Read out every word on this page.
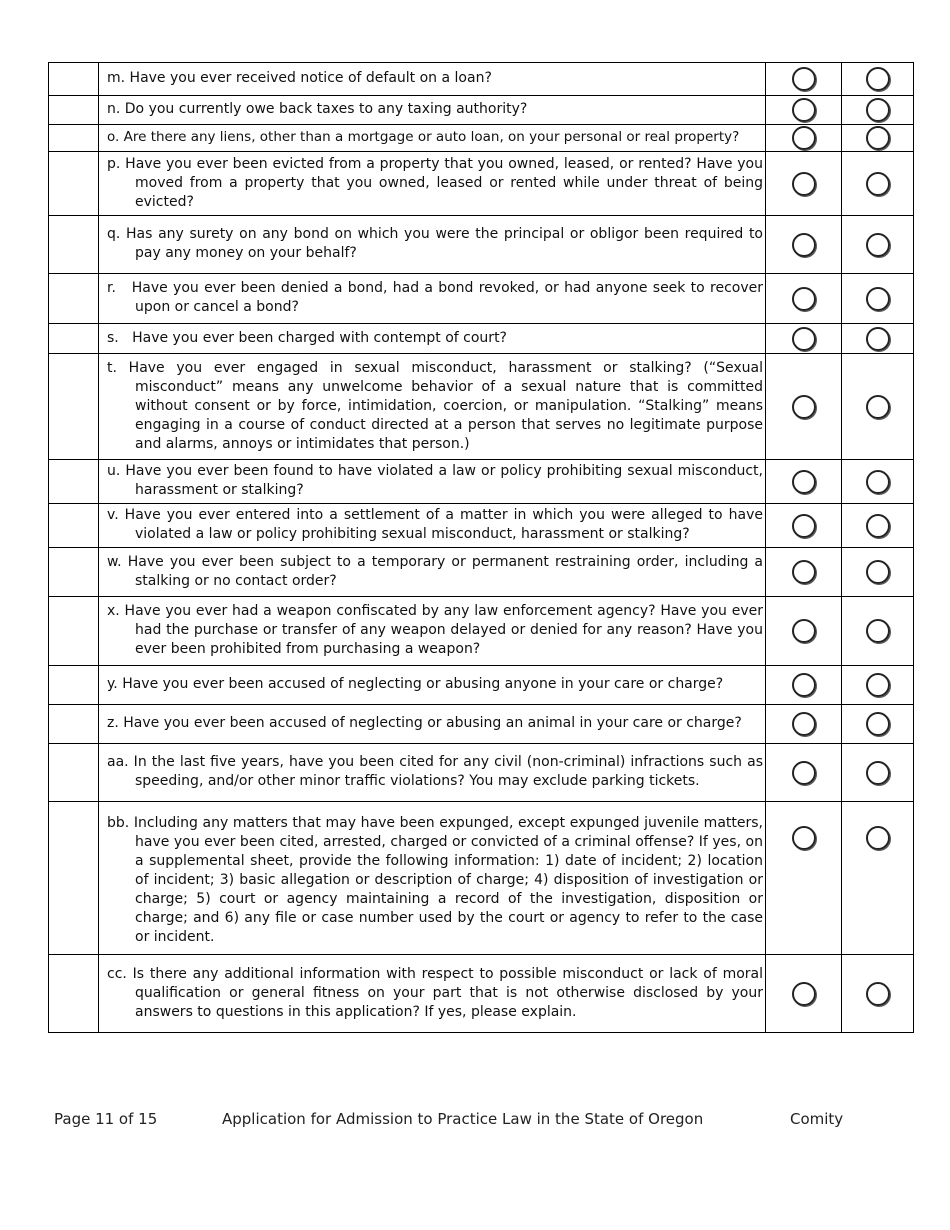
	m. Have you ever received notice of default on a loan?		

	n. Do you currently owe back taxes to any taxing authority?		

	o. Are there any liens, other than a mortgage or auto loan, on your personal or real property?		

	p. Have you ever been evicted from a property that you owned, leased, or rented? Have you moved from a property that you owned, leased or rented while under threat of being evicted?		

	q. Has any surety on any bond on which you were the principal or obligor been required to pay any money on your behalf?		

	r.   Have you ever been denied a bond, had a bond revoked, or had anyone seek to recover upon or cancel a bond?		

	s.   Have you ever been charged with contempt of court?		

	t. Have you ever engaged in sexual misconduct, harassment or stalking? (“Sexual misconduct” means any unwelcome behavior of a sexual nature that is committed without consent or by force, intimidation, coercion, or manipulation. “Stalking” means engaging in a course of conduct directed at a person that serves no legitimate purpose and alarms, annoys or intimidates that person.)		

	u. Have you ever been found to have violated a law or policy prohibiting sexual misconduct, harassment or stalking?		

	v. Have you ever entered into a settlement of a matter in which you were alleged to have violated a law or policy prohibiting sexual misconduct, harassment or stalking?		

	w. Have you ever been subject to a temporary or permanent restraining order, including a stalking or no contact order?		

	x. Have you ever had a weapon confiscated by any law enforcement agency? Have you ever had the purchase or transfer of any weapon delayed or denied for any reason? Have you ever been prohibited from purchasing a weapon?		

	y. Have you ever been accused of neglecting or abusing anyone in your care or charge?		

	z. Have you ever been accused of neglecting or abusing an animal in your care or charge?		

	aa. In the last five years, have you been cited for any civil (non-criminal) infractions such as speeding, and/or other minor traffic violations? You may exclude parking tickets.		

	bb. Including any matters that may have been expunged, except expunged juvenile matters, have you ever been cited, arrested, charged or convicted of a criminal offense? If yes, on a supplemental sheet, provide the following information: 1) date of incident; 2) location of incident; 3) basic allegation or description of charge; 4) disposition of investigation or charge; 5) court or agency maintaining a record of the investigation, disposition or charge; and 6) any file or case number used by the court or agency to refer to the case or incident.		

	cc. Is there any additional information with respect to possible misconduct or lack of moral qualification or general fitness on your part that is not otherwise disclosed by your answers to questions in this application? If yes, please explain.		

Page 11 of 15	Application for Admission to Practice Law in the State of Oregon	Comity
